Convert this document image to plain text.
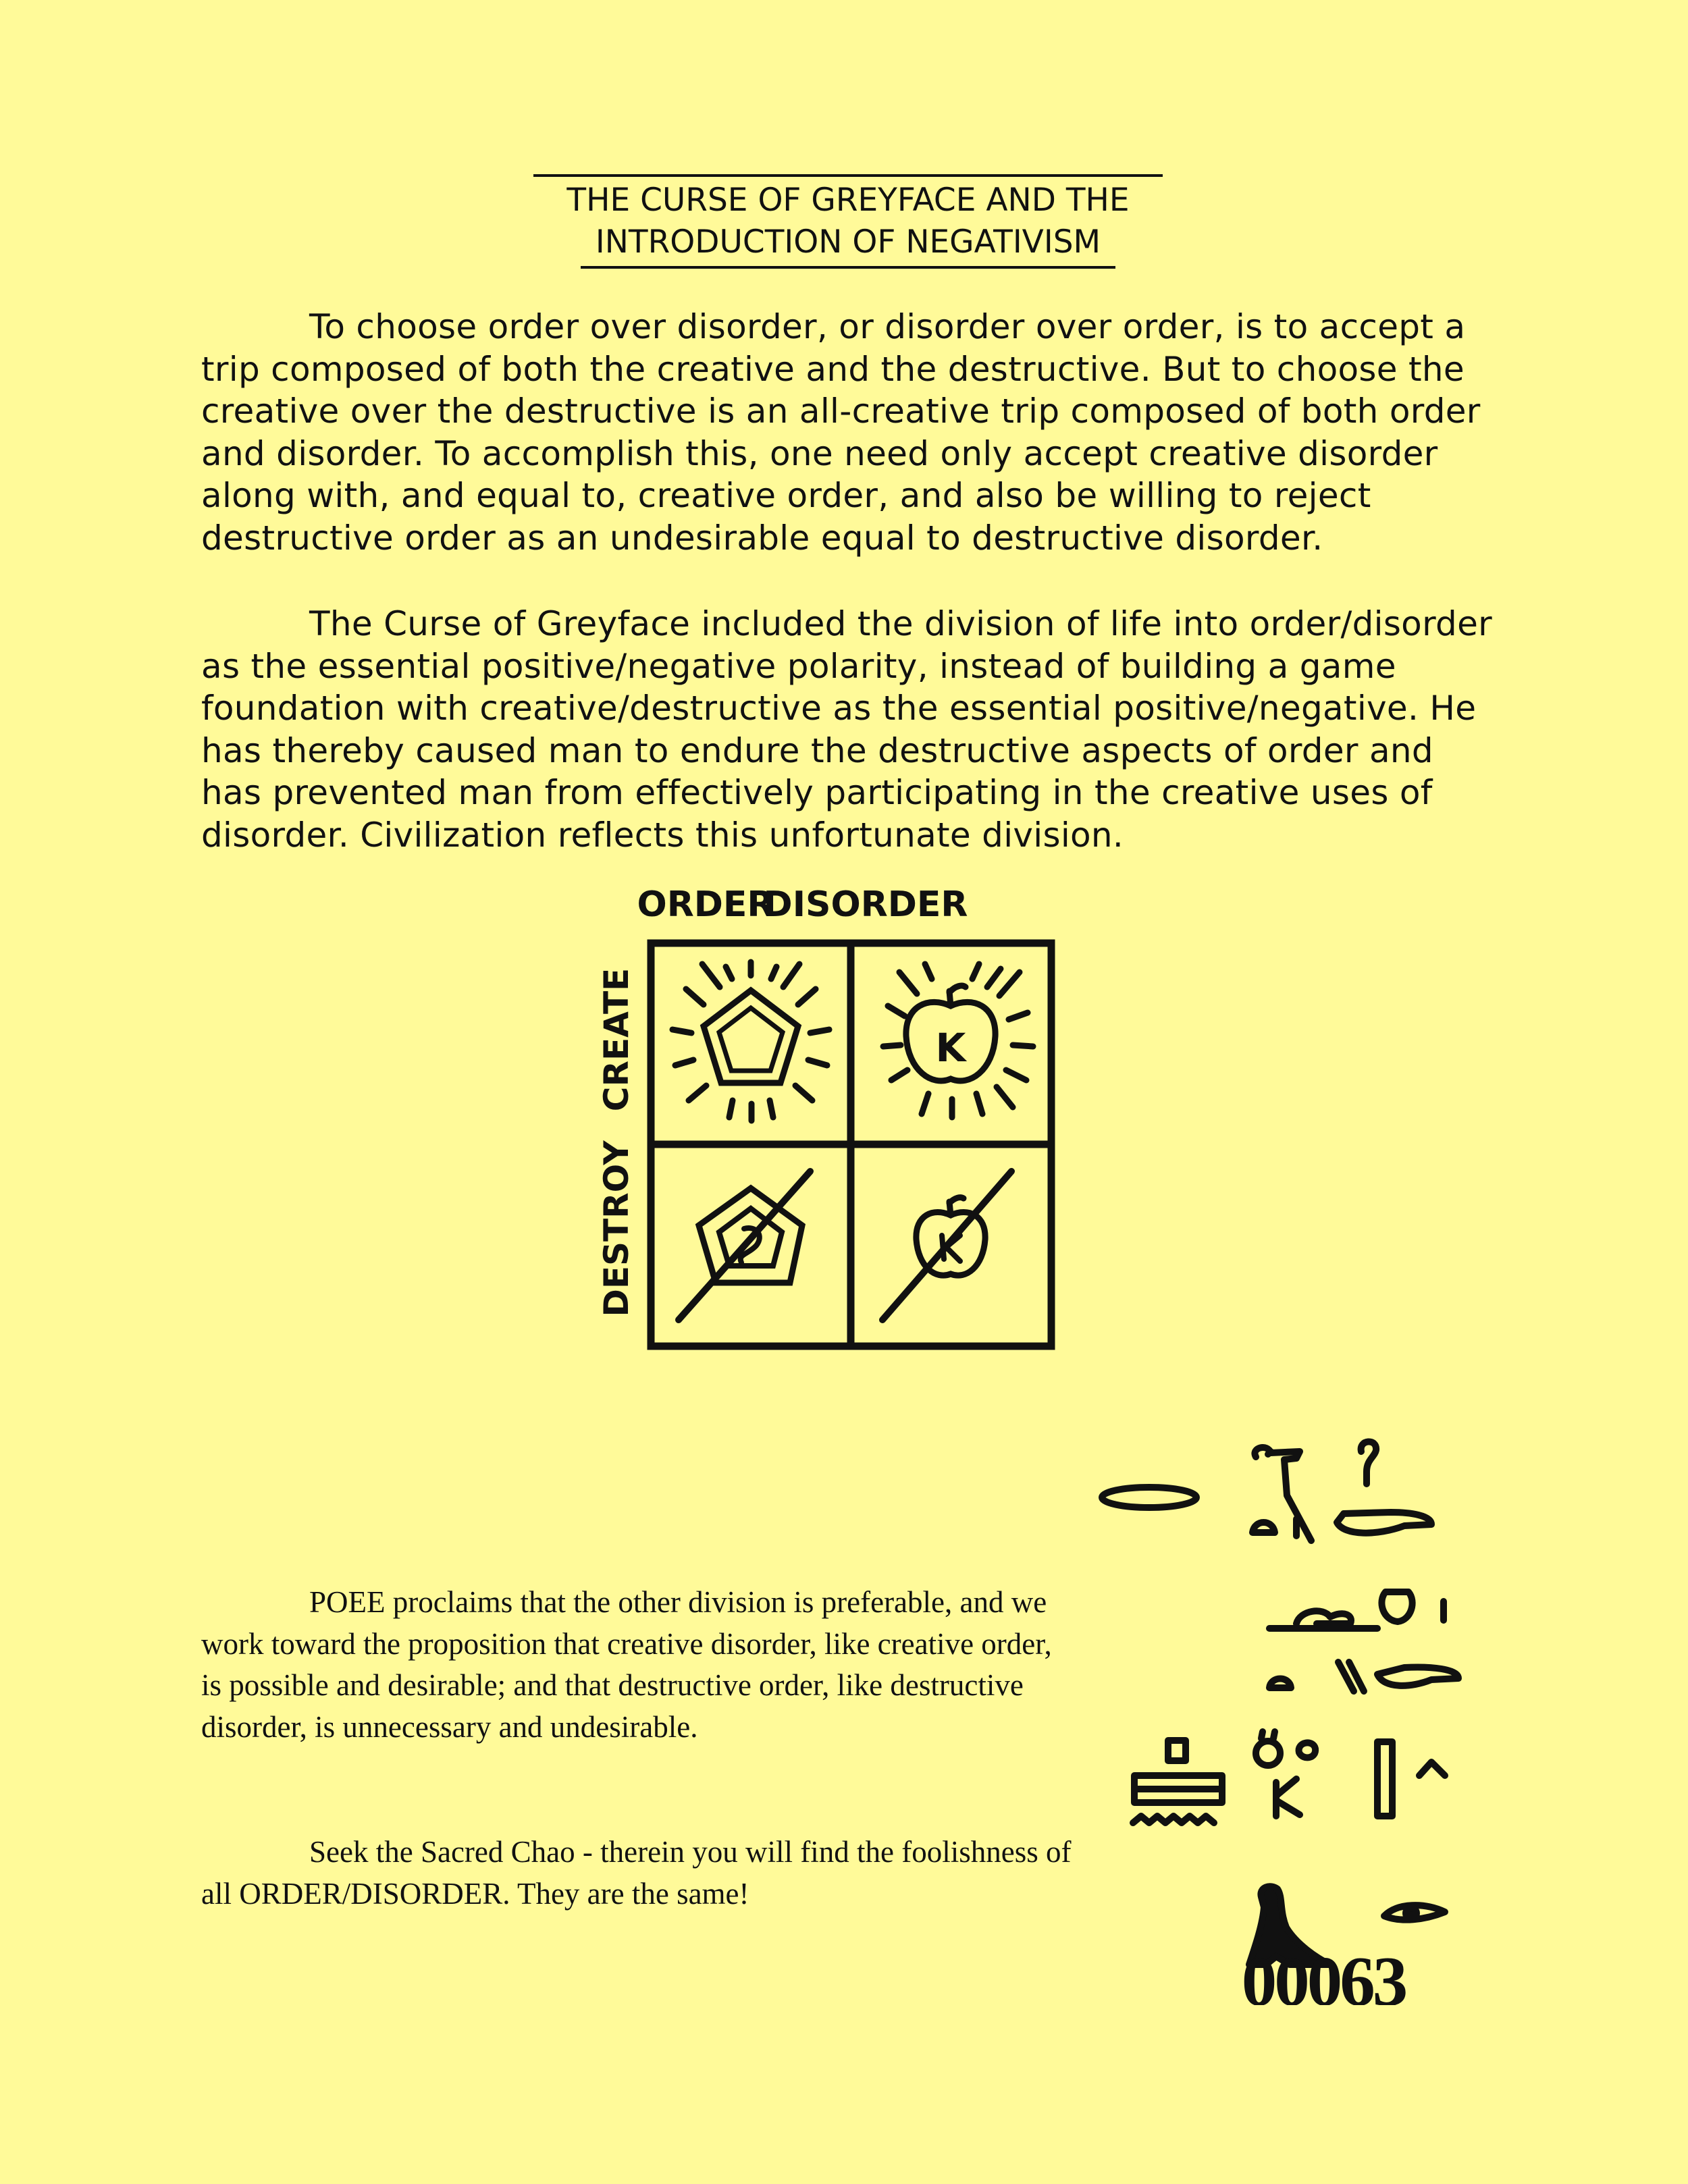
THE CURSE OF GREYFACE AND THE
INTRODUCTION OF NEGATIVISM

To choose order over disorder, or disorder over order, is to accept a trip composed of both the creative and the destructive. But to choose the creative over the destructive is an all-creative trip composed of both order and disorder. To accomplish this, one need only accept creative disorder along with, and equal to, creative order, and also be willing to reject destructive order as an undesirable equal to destructive disorder.

The Curse of Greyface included the division of life into order/disorder as the essential positive/negative polarity, instead of building a game foundation with creative/destructive as the essential positive/negative. He has thereby caused man to endure the destructive aspects of order and has prevented man from effectively participating in the creative uses of disorder. Civilization reflects this unfortunate division.

ORDER
DISORDER
CREATE
DESTROY
K

POEE proclaims that the other division is preferable, and we work toward the proposition that creative disorder, like creative order, is possible and desirable; and that destructive order, like destructive disorder, is unnecessary and undesirable.

Seek the Sacred Chao - therein you will find the foolishness of all ORDER/DISORDER. They are the same!

00063
